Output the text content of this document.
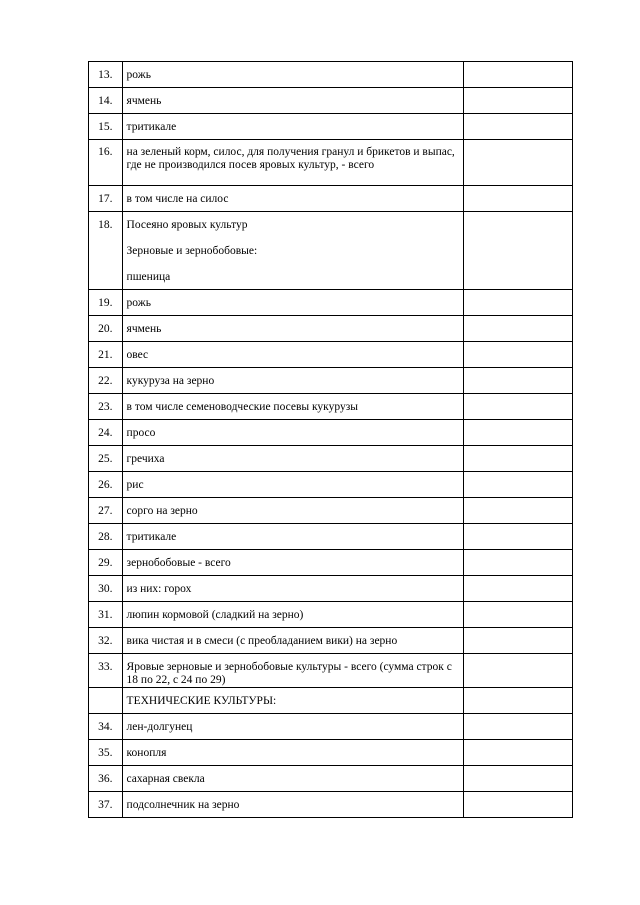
13.	рожь	
14.	ячмень	
15.	тритикале	
16.	на зеленый корм, силос, для получения гранул и брикетов и выпас, где не производился посев яровых культур, - всего	
17.	в том числе на силос	
18.	Посеяно яровых культур
Зерновые и зернобобовые:
пшеница	

19.	рожь	
20.	ячмень	
21.	овес	
22.	кукуруза на зерно	
23.	в том числе семеноводческие посевы кукурузы	
24.	просо	
25.	гречиха	
26.	рис	
27.	сорго на зерно	
28.	тритикале	
29.	зернобобовые - всего	
30.	из них: горох	
31.	люпин кормовой (сладкий на зерно)	
32.	вика чистая и в смеси (с преобладанием вики) на зерно	
33.	Яровые зерновые и зернобобовые культуры - всего (сумма строк с 18 по 22, с 24 по 29)	
	ТЕХНИЧЕСКИЕ КУЛЬТУРЫ:	
34.	лен-долгунец	
35.	конопля	
36.	сахарная свекла	
37.	подсолнечник на зерно	
